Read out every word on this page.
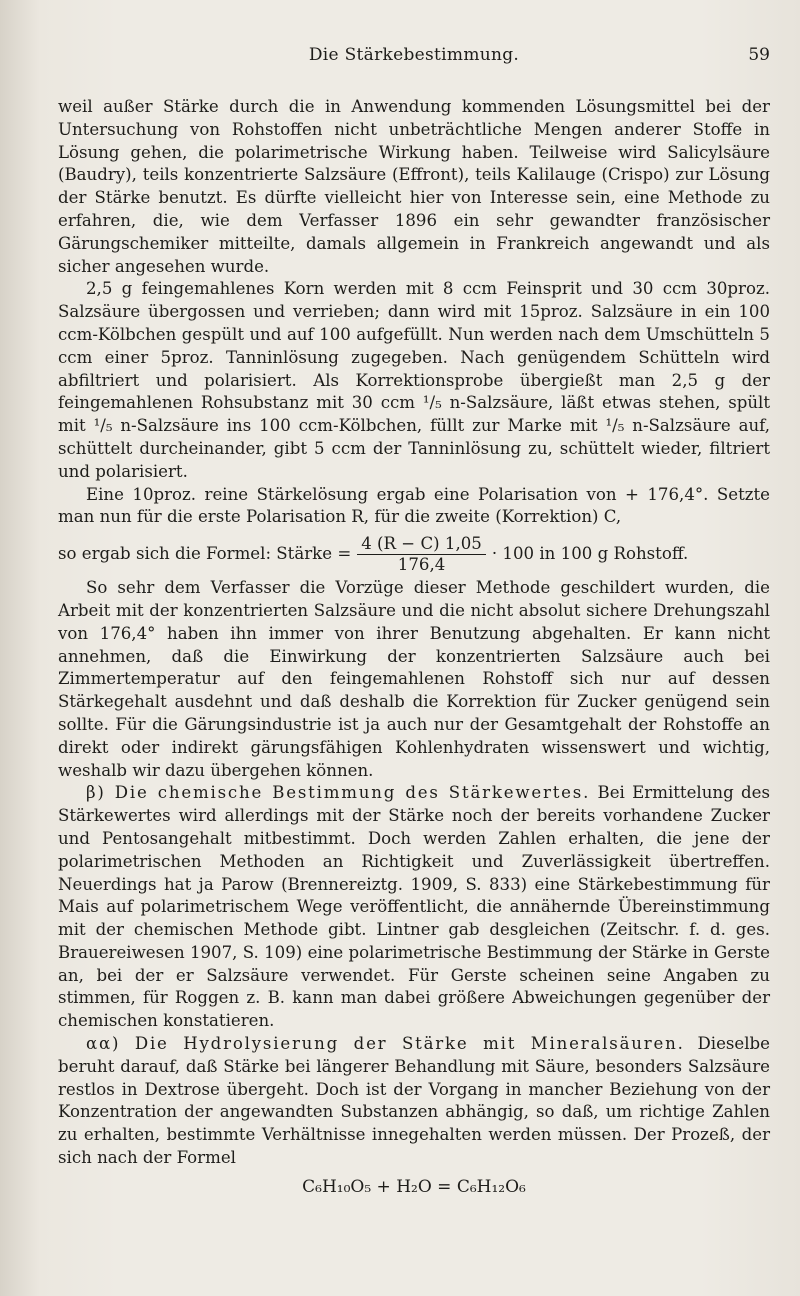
Die Stärkebestimmung.	59

weil außer Stärke durch die in Anwendung kommenden Lösungsmittel bei der Untersuchung von Rohstoffen nicht unbeträchtliche Mengen anderer Stoffe in Lösung gehen, die polarimetrische Wirkung haben. Teilweise wird Salicylsäure (Baudry), teils konzentrierte Salzsäure (Effront), teils Kalilauge (Crispo) zur Lösung der Stärke benutzt. Es dürfte vielleicht hier von Interesse sein, eine Methode zu erfahren, die, wie dem Verfasser 1896 ein sehr gewandter französischer Gärungschemiker mitteilte, damals allgemein in Frankreich angewandt und als sicher angesehen wurde.

2,5 g feingemahlenes Korn werden mit 8 ccm Feinsprit und 30 ccm 30proz. Salzsäure übergossen und verrieben; dann wird mit 15proz. Salzsäure in ein 100 ccm-Kölbchen gespült und auf 100 aufgefüllt. Nun werden nach dem Umschütteln 5 ccm einer 5proz. Tanninlösung zugegeben. Nach genügendem Schütteln wird abfiltriert und polarisiert. Als Korrektionsprobe übergießt man 2,5 g der feingemahlenen Rohsubstanz mit 30 ccm ¹/₅ n-Salzsäure, läßt etwas stehen, spült mit ¹/₅ n-Salzsäure ins 100 ccm-Kölbchen, füllt zur Marke mit ¹/₅ n-Salzsäure auf, schüttelt durcheinander, gibt 5 ccm der Tanninlösung zu, schüttelt wieder, filtriert und polarisiert.

Eine 10proz. reine Stärkelösung ergab eine Polarisation von + 176,4°. Setzte man nun für die erste Polarisation R, für die zweite (Korrektion) C,

so ergab sich die Formel: Stärke = $\frac{4 (R - C) 1,05}{176,4} \cdot 100$ in 100 g Rohstoff.

So sehr dem Verfasser die Vorzüge dieser Methode geschildert wurden, die Arbeit mit der konzentrierten Salzsäure und die nicht absolut sichere Drehungszahl von 176,4° haben ihn immer von ihrer Benutzung abgehalten. Er kann nicht annehmen, daß die Einwirkung der konzentrierten Salzsäure auch bei Zimmertemperatur auf den feingemahlenen Rohstoff sich nur auf dessen Stärkegehalt ausdehnt und daß deshalb die Korrektion für Zucker genügend sein sollte. Für die Gärungsindustrie ist ja auch nur der Gesamtgehalt der Rohstoffe an direkt oder indirekt gärungsfähigen Kohlenhydraten wissenswert und wichtig, weshalb wir dazu übergehen können.

β) Die chemische Bestimmung des Stärkewertes. Bei Ermittelung des Stärkewertes wird allerdings mit der Stärke noch der bereits vorhandene Zucker und Pentosangehalt mitbestimmt. Doch werden Zahlen erhalten, die jene der polarimetrischen Methoden an Richtigkeit und Zuverlässigkeit übertreffen. Neuerdings hat ja Parow (Brennereiztg. 1909, S. 833) eine Stärkebestimmung für Mais auf polarimetrischem Wege veröffentlicht, die annähernde Übereinstimmung mit der chemischen Methode gibt. Lintner gab desgleichen (Zeitschr. f. d. ges. Brauereiwesen 1907, S. 109) eine polarimetrische Bestimmung der Stärke in Gerste an, bei der er Salzsäure verwendet. Für Gerste scheinen seine Angaben zu stimmen, für Roggen z. B. kann man dabei größere Abweichungen gegenüber der chemischen konstatieren.

αα) Die Hydrolysierung der Stärke mit Mineralsäuren. Dieselbe beruht darauf, daß Stärke bei längerer Behandlung mit Säure, besonders Salzsäure restlos in Dextrose übergeht. Doch ist der Vorgang in mancher Beziehung von der Konzentration der angewandten Substanzen abhängig, so daß, um richtige Zahlen zu erhalten, bestimmte Verhältnisse innegehalten werden müssen. Der Prozeß, der sich nach der Formel

C₆H₁₀O₅ + H₂O = C₆H₁₂O₆
